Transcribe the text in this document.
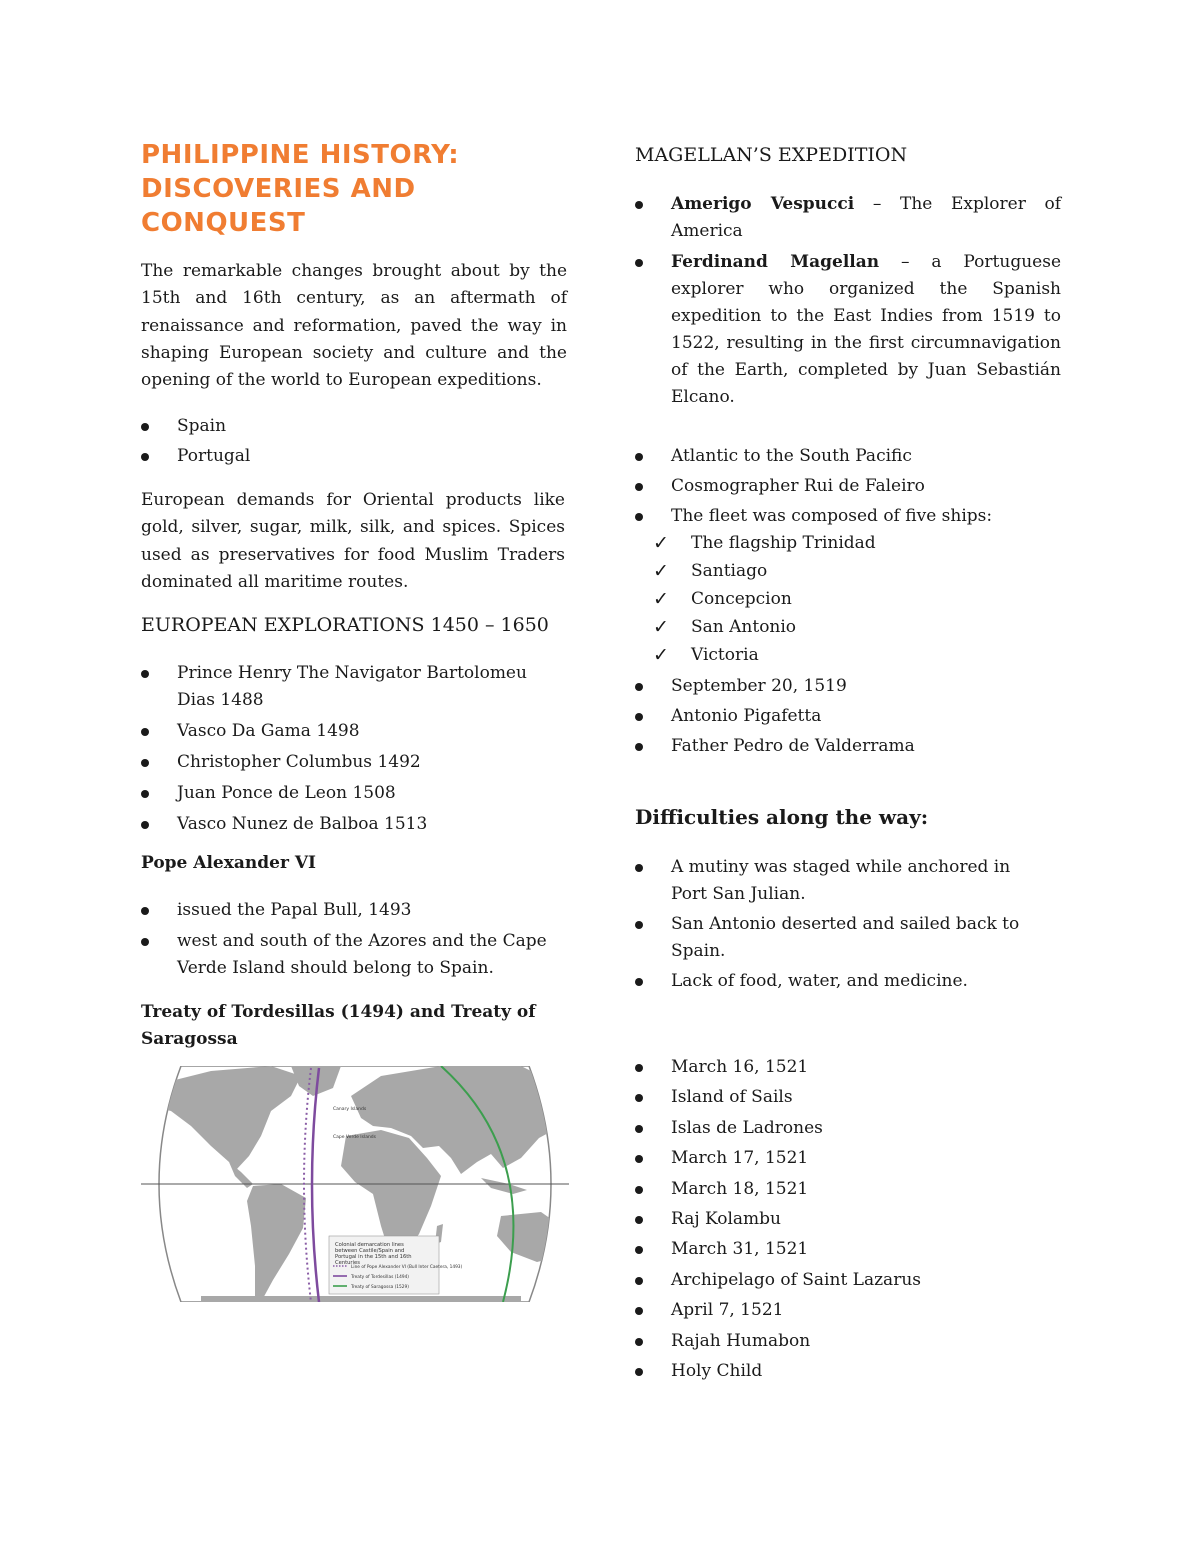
PHILIPPINE HISTORY:
DISCOVERIES AND
CONQUEST

The remarkable changes brought about by the 15th and 16th century, as an aftermath of renaissance and reformation, paved the way in shaping European society and culture and the opening of the world to European expeditions.

Spain
Portugal

European demands for Oriental products like gold, silver, sugar, milk, silk, and spices. Spices used as preservatives for food Muslim Traders dominated all maritime routes.

EUROPEAN EXPLORATIONS 1450 – 1650
Prince Henry The Navigator Bartolomeu Dias 1488
Vasco Da Gama 1498
Christopher Columbus 1492
Juan Ponce de Leon 1508
Vasco Nunez de Balboa 1513
Pope Alexander VI
issued the Papal Bull, 1493
west and south of the Azores and the Cape Verde Island should belong to Spain.
Treaty of Tordesillas (1494) and Treaty of Saragossa
Canary Islands
Cape Verde Islands
Colonial demarcation lines between Castile/Spain and Portugal in the 15th and 16th Centuries
Line of Pope Alexander VI (Bull Inter Caetera, 1493)
Treaty of Tordesillas (1494)
Treaty of Saragossa (1529)
MAGELLAN’S EXPEDITION
Amerigo Vespucci – The Explorer of America
Ferdinand Magellan – a Portuguese explorer who organized the Spanish expedition to the East Indies from 1519 to 1522, resulting in the first circumnavigation of the Earth, completed by Juan Sebastián Elcano.
Atlantic to the South Pacific
Cosmographer Rui de Faleiro
The fleet was composed of five ships:
✓ The flagship Trinidad
✓ Santiago
✓ Concepcion
✓ San Antonio
✓ Victoria
September 20, 1519
Antonio Pigafetta
Father Pedro de Valderrama
Difficulties along the way:
A mutiny was staged while anchored in Port San Julian.
San Antonio deserted and sailed back to Spain.
Lack of food, water, and medicine.
March 16, 1521
Island of Sails
Islas de Ladrones
March 17, 1521
March 18, 1521
Raj Kolambu
March 31, 1521
Archipelago of Saint Lazarus
April 7, 1521
Rajah Humabon
Holy Child
